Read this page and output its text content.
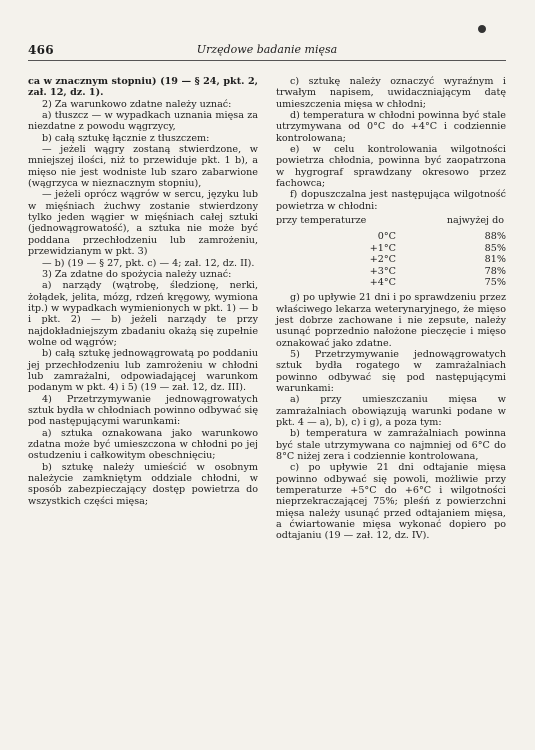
466	Urzędowe badanie mięsa

ca w znacznym stopniu) (19 — § 24, pkt. 2, zał. 12, dz. 1).

2) Za warunkowo zdatne należy uznać:

a) tłuszcz — w wypadkach uznania mięsa za niezdatne z powodu wągrzycy,

b) całą sztukę łącznie z tłuszczem:

— jeżeli wągry zostaną stwierdzone, w mniejszej ilości, niż to przewiduje pkt. 1 b), a mięso nie jest wodniste lub szaro zabarwione (wągrzyca w nieznacznym stopniu),

— jeżeli oprócz wągrów w sercu, języku lub w mięśniach żuchwy zostanie stwierdzony tylko jeden wągier w mięśniach całej sztuki (jednowągrowatość), a sztuka nie może być poddana przechłodzeniu lub zamrożeniu, przewidzianym w pkt. 3)

— b) (19 — § 27, pkt. c) — 4; zał. 12, dz. II).

3) Za zdatne do spożycia należy uznać:

a) narządy (wątrobę, śledzionę, nerki, żołądek, jelita, mózg, rdzeń kręgowy, wymiona itp.) w wypadkach wymienionych w pkt. 1) — b i pkt. 2) — b) jeżeli narządy te przy najdokładniejszym zbadaniu okażą się zupełnie wolne od wągrów;

b) całą sztukę jednowągrowatą po poddaniu jej przechłodzeniu lub zamrożeniu w chłodni lub zamrażalni, odpowiadającej warunkom podanym w pkt. 4) i 5) (19 — zał. 12, dz. III).

4) Przetrzymywanie jednowągrowatych sztuk bydła w chłodniach powinno odbywać się pod następującymi warunkami:

a) sztuka oznakowana jako warunkowo zdatna może być umieszczona w chłodni po jej ostudzeniu i całkowitym obeschnięciu;

b) sztukę należy umieścić w osobnym należycie zamkniętym oddziale chłodni, w sposób zabezpieczający dostęp powietrza do wszystkich części mięsa;

c) sztukę należy oznaczyć wyraźnym i trwałym napisem, uwidaczniającym datę umieszczenia mięsa w chłodni;

d) temperatura w chłodni powinna być stale utrzymywana od 0°C do +4°C i codziennie kontrolowana;

e) w celu kontrolowania wilgotności powietrza chłodnia, powinna być zaopatrzona w hygrograf sprawdzany okresowo przez fachowca;

f) dopuszczalna jest następująca wilgotność powietrza w chłodni:

przy temperaturze	najwyżej do
0°C	88%
+1°C	85%
+2°C	81%
+3°C	78%
+4°C	75%

g) po upływie 21 dni i po sprawdzeniu przez właściwego lekarza weterynaryjnego, że mięso jest dobrze zachowane i nie zepsute, należy usunąć poprzednio nałożone pieczęcie i mięso oznakować jako zdatne.

5) Przetrzymywanie jednowągrowatych sztuk bydła rogatego w zamrażalniach powinno odbywać się pod następującymi warunkami:

a) przy umieszczaniu mięsa w zamrażalniach obowiązują warunki podane w pkt. 4 — a), b), c) i g), a poza tym:

b) temperatura w zamrażalniach powinna być stale utrzymywana co najmniej od 6°C do 8°C niżej zera i codziennie kontrolowana,

c) po upływie 21 dni odtajanie mięsa powinno odbywać się powoli, możliwie przy temperaturze +5°C do +6°C i wilgotności nieprzekraczającej 75%; pleśń z powierzchni mięsa należy usunąć przed odtajaniem mięsa, a ćwiartowanie mięsa wykonać dopiero po odtajaniu (19 — zał. 12, dz. IV).
